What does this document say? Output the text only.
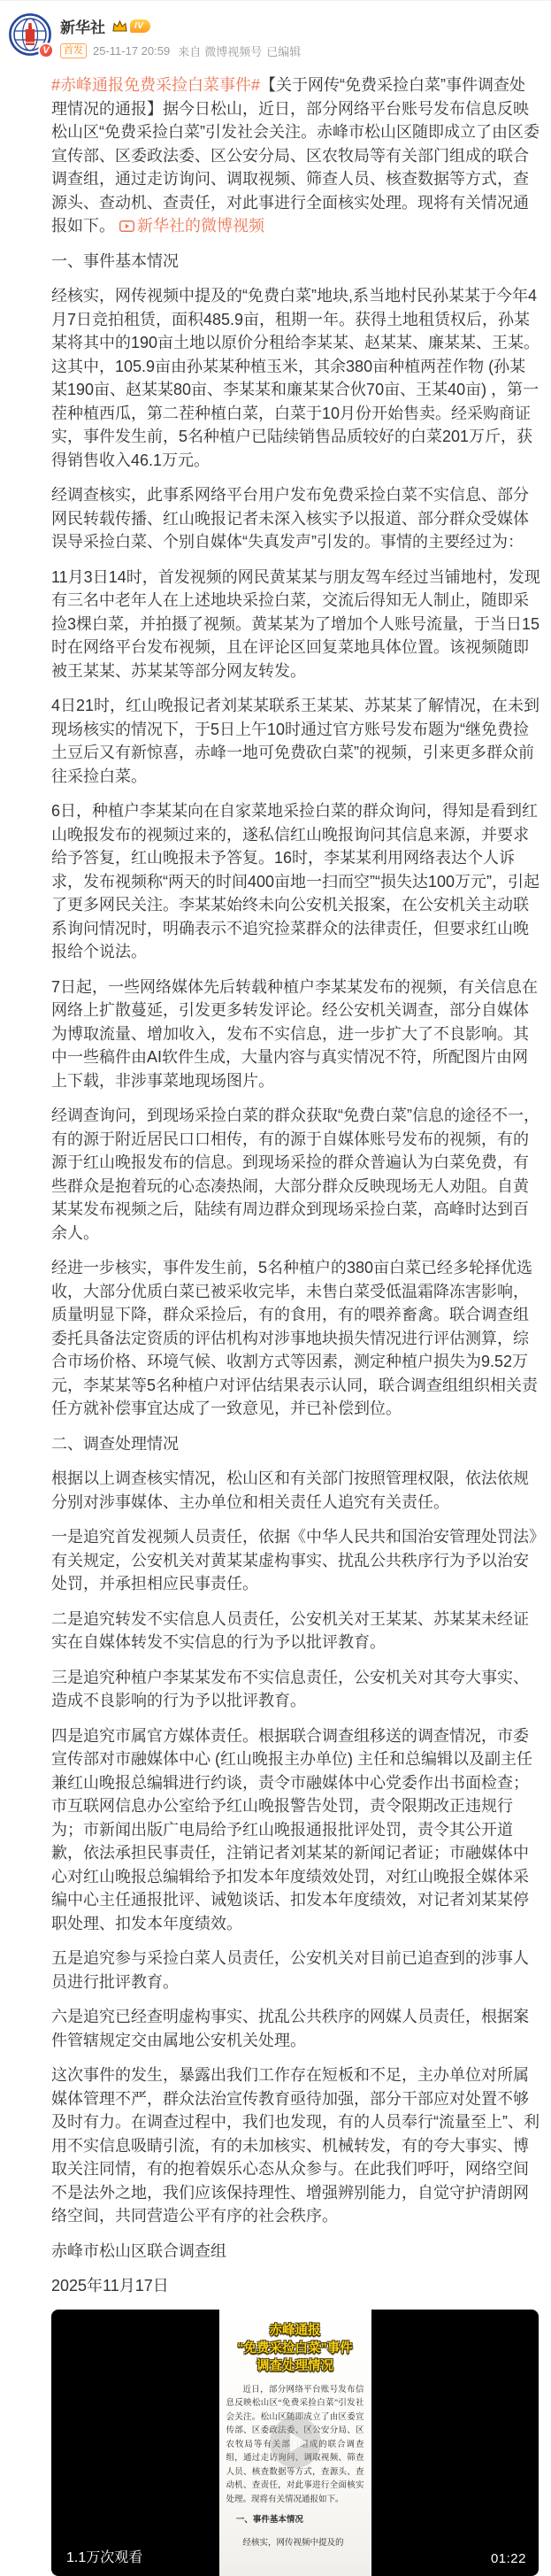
V
新华社	IV
首发 25-11-17 20:59 来自 微博视频号 已编辑

#赤峰通报免费采捡白菜事件#【关于网传“免费采捡白菜”事件调查处理情况的通报】据今日松山，近日，部分网络平台账号发布信息反映松山区“免费采捡白菜”引发社会关注。赤峰市松山区随即成立了由区委宣传部、区委政法委、区公安分局、区农牧局等有关部门组成的联合调查组，通过走访询问、调取视频、筛查人员、核查数据等方式，查源头、查动机、查责任，对此事进行全面核实处理。现将有关情况通报如下。 新华社的微博视频

一、事件基本情况

经核实，网传视频中提及的“免费白菜”地块,系当地村民孙某某于今年4月7日竞拍租赁，面积485.9亩，租期一年。获得土地租赁权后，孙某某将其中的190亩土地以原价分租给李某某、赵某某、廉某某、王某。这其中，105.9亩由孙某某种植玉米，其余380亩种植两茬作物 (孙某某190亩、赵某某80亩、李某某和廉某某合伙70亩、王某40亩) ，第一茬种植西瓜，第二茬种植白菜，白菜于10月份开始售卖。经采购商证实，事件发生前，5名种植户已陆续销售品质较好的白菜201万斤，获得销售收入46.1万元。

经调查核实，此事系网络平台用户发布免费采捡白菜不实信息、部分网民转载传播、红山晚报记者未深入核实予以报道、部分群众受媒体误导采捡白菜、个别自媒体“失真发声”引发的。事情的主要经过为：

11月3日14时，首发视频的网民黄某某与朋友驾车经过当铺地村，发现有三名中老年人在上述地块采捡白菜，交流后得知无人制止，随即采捡3棵白菜，并拍摄了视频。黄某某为了增加个人账号流量，于当日15时在网络平台发布视频，且在评论区回复菜地具体位置。该视频随即被王某某、苏某某等部分网友转发。

4日21时，红山晚报记者刘某某联系王某某、苏某某了解情况，在未到现场核实的情况下，于5日上午10时通过官方账号发布题为“继免费捡土豆后又有新惊喜，赤峰一地可免费砍白菜”的视频，引来更多群众前往采捡白菜。

6日，种植户李某某向在自家菜地采捡白菜的群众询问，得知是看到红山晚报发布的视频过来的，遂私信红山晚报询问其信息来源，并要求给予答复，红山晚报未予答复。16时，李某某利用网络表达个人诉求，发布视频称“两天的时间400亩地一扫而空”“损失达100万元”，引起了更多网民关注。李某某始终未向公安机关报案，在公安机关主动联系询问情况时，明确表示不追究捡菜群众的法律责任，但要求红山晚报给个说法。

7日起，一些网络媒体先后转载种植户李某某发布的视频，有关信息在网络上扩散蔓延，引发更多转发评论。经公安机关调查，部分自媒体为博取流量、增加收入，发布不实信息，进一步扩大了不良影响。其中一些稿件由AI软件生成，大量内容与真实情况不符，所配图片由网上下载，非涉事菜地现场图片。

经调查询问，到现场采捡白菜的群众获取“免费白菜”信息的途径不一，有的源于附近居民口口相传，有的源于自媒体账号发布的视频，有的源于红山晚报发布的信息。到现场采捡的群众普遍认为白菜免费，有些群众是抱着玩的心态凑热闹，大部分群众反映现场无人劝阻。自黄某某发布视频之后，陆续有周边群众到现场采捡白菜，高峰时达到百余人。

经进一步核实，事件发生前，5名种植户的380亩白菜已经多轮择优选收，大部分优质白菜已被采收完毕，未售白菜受低温霜降冻害影响，质量明显下降，群众采捡后，有的食用，有的喂养畜禽。联合调查组委托具备法定资质的评估机构对涉事地块损失情况进行评估测算，综合市场价格、环境气候、收割方式等因素，测定种植户损失为9.52万元，李某某等5名种植户对评估结果表示认同，联合调查组组织相关责任方就补偿事宜达成了一致意见，并已补偿到位。

二、调查处理情况

根据以上调查核实情况，松山区和有关部门按照管理权限，依法依规分别对涉事媒体、主办单位和相关责任人追究有关责任。

一是追究首发视频人员责任，依据《中华人民共和国治安管理处罚法》有关规定，公安机关对黄某某虚构事实、扰乱公共秩序行为予以治安处罚，并承担相应民事责任。

二是追究转发不实信息人员责任，公安机关对王某某、苏某某未经证实在自媒体转发不实信息的行为予以批评教育。

三是追究种植户李某某发布不实信息责任，公安机关对其夸大事实、造成不良影响的行为予以批评教育。

四是追究市属官方媒体责任。根据联合调查组移送的调查情况，市委宣传部对市融媒体中心 (红山晚报主办单位) 主任和总编辑以及副主任兼红山晚报总编辑进行约谈，责令市融媒体中心党委作出书面检查；市互联网信息办公室给予红山晚报警告处罚，责令限期改正违规行为；市新闻出版广电局给予红山晚报通报批评处罚，责令其公开道歉，依法承担民事责任，注销记者刘某某的新闻记者证；市融媒体中心对红山晚报总编辑给予扣发本年度绩效处罚，对红山晚报全媒体采编中心主任通报批评、诫勉谈话、扣发本年度绩效，对记者刘某某停职处理、扣发本年度绩效。

五是追究参与采捡白菜人员责任，公安机关对目前已追查到的涉事人员进行批评教育。

六是追究已经查明虚构事实、扰乱公共秩序的网媒人员责任，根据案件管辖规定交由属地公安机关处理。

这次事件的发生，暴露出我们工作存在短板和不足，主办单位对所属媒体管理不严，群众法治宣传教育亟待加强，部分干部应对处置不够及时有力。在调查过程中，我们也发现，有的人员奉行“流量至上”、利用不实信息吸睛引流，有的未加核实、机械转发，有的夸大事实、博取关注同情，有的抱着娱乐心态从众参与。在此我们呼吁，网络空间不是法外之地，我们应该保持理性、增强辨别能力，自觉守护清朗网络空间，共同营造公平有序的社会秩序。

赤峰市松山区联合调查组

2025年11月17日

赤峰通报
“免费采捡白菜”事件
调查处理情况

近日，部分网络平台账号发布信息反映松山区“免费采捡白菜”引发社会关注。松山区随即成立了由区委宣传部、区委政法委、区公安分局、区农牧局等有关部门组成的联合调查组，通过走访询问、调取视频、筛查人员、核查数据等方式，查源头、查动机、查责任，对此事进行全面核实处理。现将有关情况通报如下。

一、事件基本情况

经核实，网传视频中提及的

1.1万次观看	01:22
